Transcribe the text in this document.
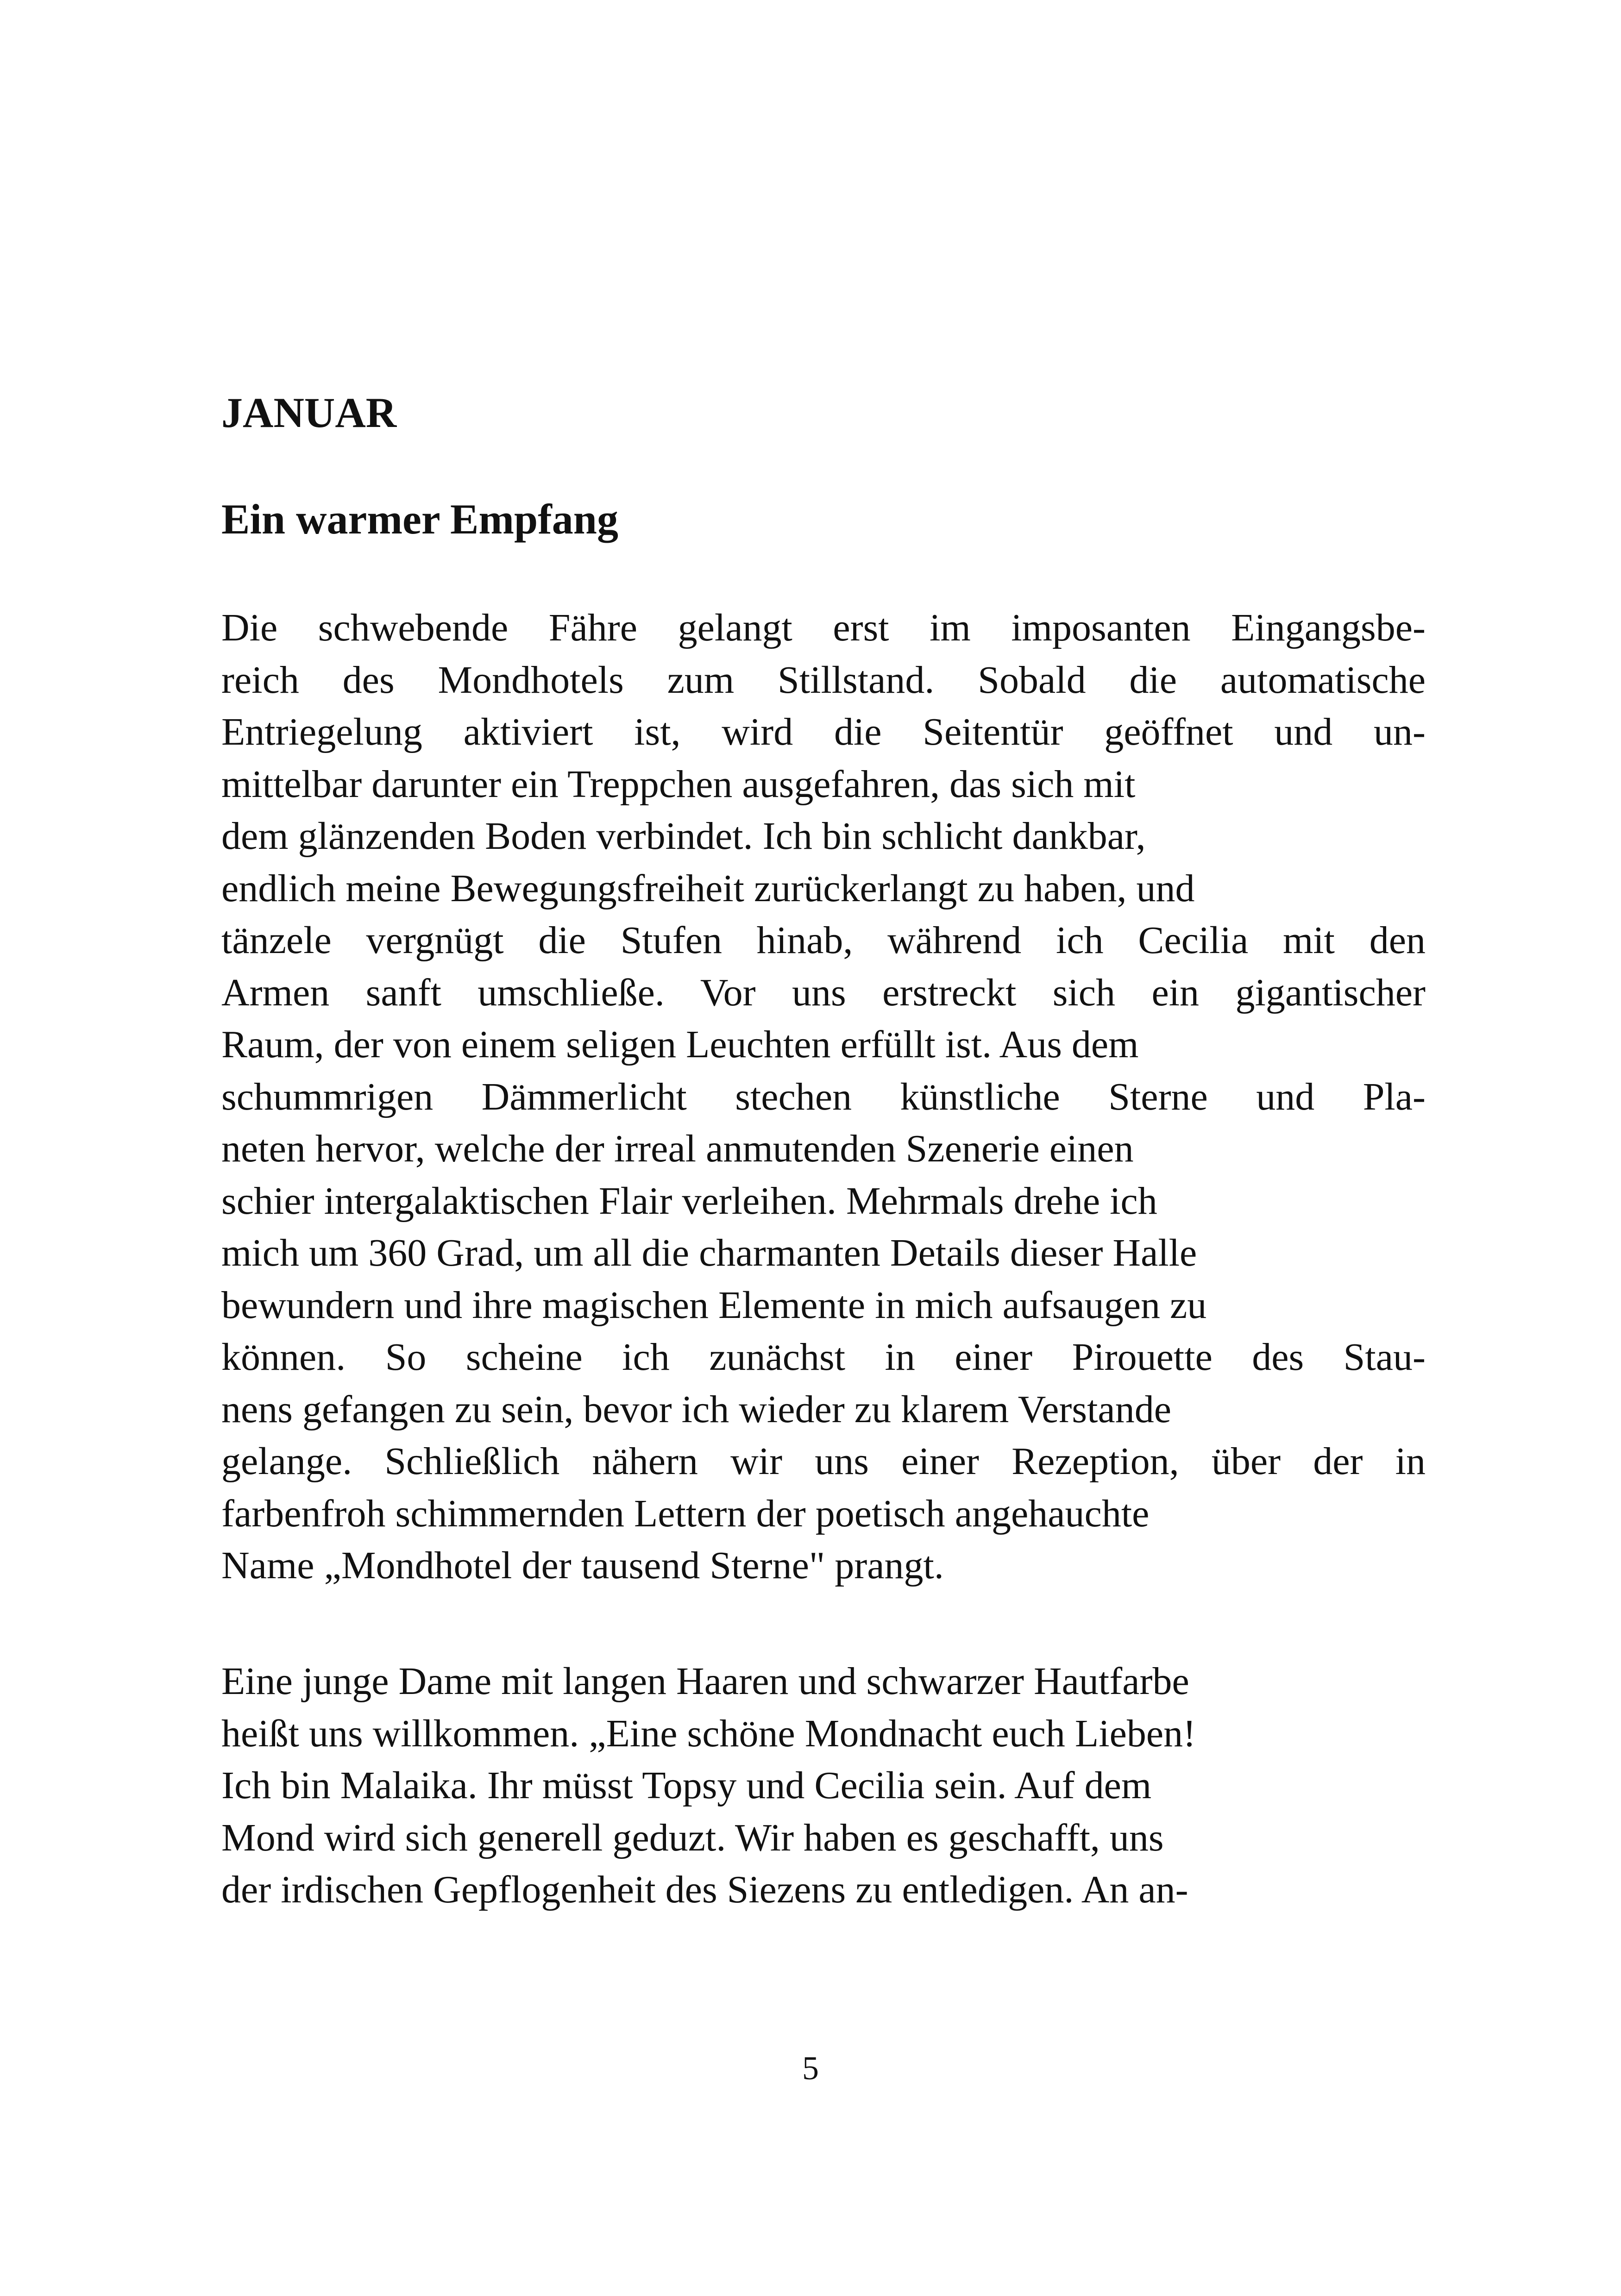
JANUAR
Ein warmer Empfang
Die schwebende Fähre gelangt erst im imposanten Eingangsbe-
reich des Mondhotels zum Stillstand. Sobald die automatische
Entriegelung aktiviert ist, wird die Seitentür geöffnet und un-
mittelbar darunter ein Treppchen ausgefahren, das sich mit
dem glänzenden Boden verbindet. Ich bin schlicht dankbar,
endlich meine Bewegungsfreiheit zurückerlangt zu haben, und
tänzele vergnügt die Stufen hinab, während ich Cecilia mit den
Armen sanft umschließe. Vor uns erstreckt sich ein gigantischer
Raum, der von einem seligen Leuchten erfüllt ist. Aus dem
schummrigen Dämmerlicht stechen künstliche Sterne und Pla-
neten hervor, welche der irreal anmutenden Szenerie einen
schier intergalaktischen Flair verleihen. Mehrmals drehe ich
mich um 360 Grad, um all die charmanten Details dieser Halle
bewundern und ihre magischen Elemente in mich aufsaugen zu
können. So scheine ich zunächst in einer Pirouette des Stau-
nens gefangen zu sein, bevor ich wieder zu klarem Verstande
gelange. Schließlich nähern wir uns einer Rezeption, über der in
farbenfroh schimmernden Lettern der poetisch angehauchte
Name „Mondhotel der tausend Sterne" prangt.
Eine junge Dame mit langen Haaren und schwarzer Hautfarbe
heißt uns willkommen. „Eine schöne Mondnacht euch Lieben!
Ich bin Malaika. Ihr müsst Topsy und Cecilia sein. Auf dem
Mond wird sich generell geduzt. Wir haben es geschafft, uns
der irdischen Gepflogenheit des Siezens zu entledigen. An an-

5
